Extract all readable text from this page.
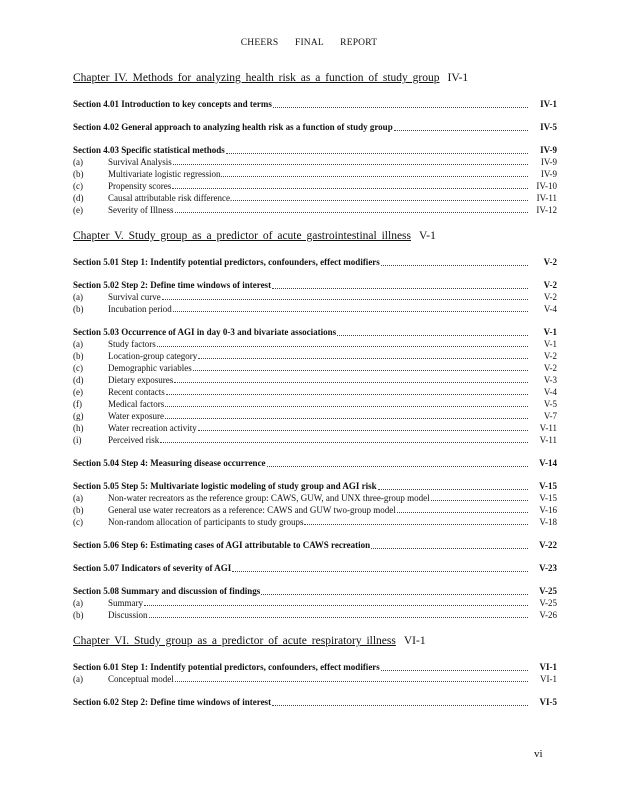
CHEERS FINAL REPORT
Chapter IV. Methods for analyzing health risk as a function of study group IV-1
Section 4.01 Introduction to key concepts and terms	IV-1
Section 4.02 General approach to analyzing health risk as a function of study group	IV-5
Section 4.03 Specific statistical methods	IV-9
(a)	Survival Analysis	IV-9
(b)	Multivariate logistic regression	IV-9
(c)	Propensity scores	IV-10
(d)	Causal attributable risk difference.	IV-11
(e)	Severity of Illness	IV-12
Chapter V. Study group as a predictor of acute gastrointestinal illness V-1
Section 5.01 Step 1: Indentify potential predictors, confounders, effect modifiers	V-2
Section 5.02 Step 2: Define time windows of interest	V-2
(a)	Survival curve	V-2
(b)	Incubation period	V-4
Section 5.03 Occurrence of AGI in day 0-3 and bivariate associations	V-1
(a)	Study factors	V-1
(b)	Location-group category	V-2
(c)	Demographic variables	V-2
(d)	Dietary exposures	V-3
(e)	Recent contacts	V-4
(f)	Medical factors	V-5
(g)	Water exposure	V-7
(h)	Water recreation activity	V-11
(i)	Perceived risk	V-11
Section 5.04 Step 4: Measuring disease occurrence	V-14
Section 5.05 Step 5: Multivariate logistic modeling of study group and AGI risk	V-15
(a)	Non-water recreators as the reference group: CAWS, GUW, and UNX three-group model	V-15
(b)	General use water recreators as a reference: CAWS and GUW two-group model	V-16
(c)	Non-random allocation of participants to study groups	V-18
Section 5.06 Step 6: Estimating cases of AGI attributable to CAWS recreation	V-22
Section 5.07 Indicators of severity of AGI	V-23
Section 5.08 Summary and discussion of findings	V-25
(a)	Summary	V-25
(b)	Discussion	V-26
Chapter VI. Study group as a predictor of acute respiratory illness VI-1
Section 6.01 Step 1: Indentify potential predictors, confounders, effect modifiers	VI-1
(a)	Conceptual model	VI-1
Section 6.02 Step 2: Define time windows of interest	VI-5
vi
